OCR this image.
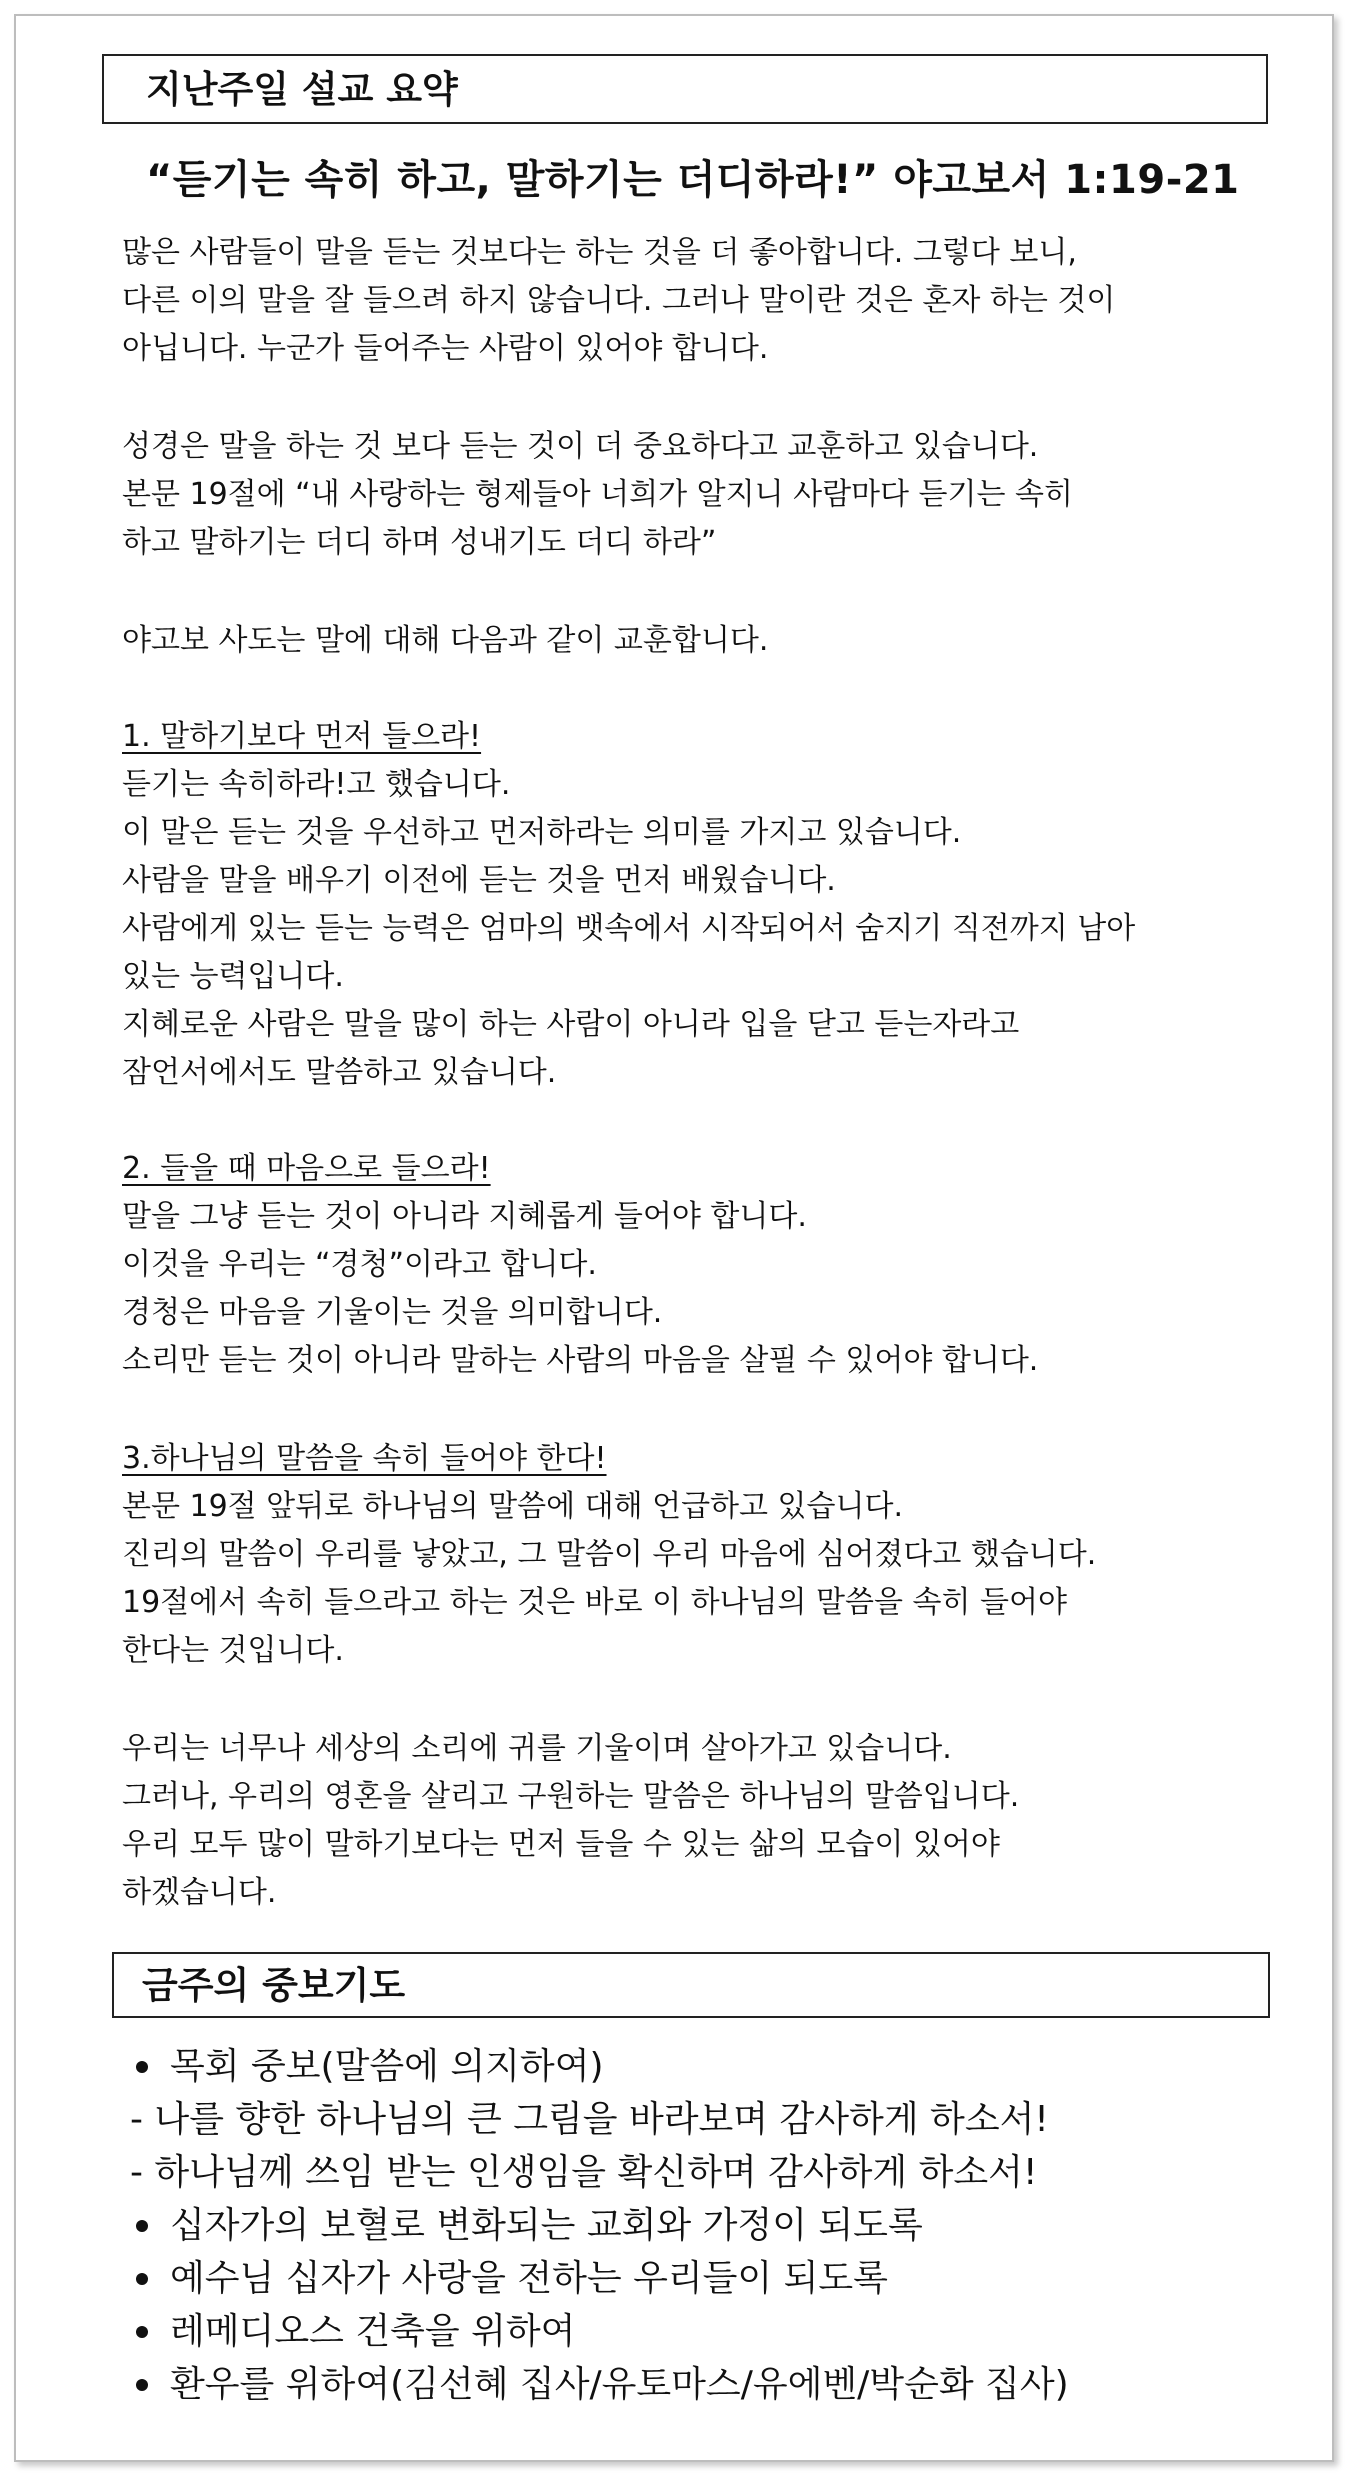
지난주일 설교 요약
“듣기는 속히 하고, 말하기는 더디하라!” 야고보서 1:19-21
많은 사람들이 말을 듣는 것보다는 하는 것을 더 좋아합니다. 그렇다 보니,
다른 이의 말을 잘 들으려 하지 않습니다. 그러나 말이란 것은 혼자 하는 것이
아닙니다. 누군가 들어주는 사람이 있어야 합니다.
성경은 말을 하는 것 보다 듣는 것이 더 중요하다고 교훈하고 있습니다.
본문 19절에 “내 사랑하는 형제들아 너희가 알지니 사람마다 듣기는 속히
하고 말하기는 더디 하며 성내기도 더디 하라”
야고보 사도는 말에 대해 다음과 같이 교훈합니다.
1. 말하기보다 먼저 들으라!
듣기는 속히하라!고 했습니다.
이 말은 듣는 것을 우선하고 먼저하라는 의미를 가지고 있습니다.
사람을 말을 배우기 이전에 듣는 것을 먼저 배웠습니다.
사람에게 있는 듣는 능력은 엄마의 뱃속에서 시작되어서 숨지기 직전까지 남아
있는 능력입니다.
지혜로운 사람은 말을 많이 하는 사람이 아니라 입을 닫고 듣는자라고
잠언서에서도 말씀하고 있습니다.
2. 들을 때 마음으로 들으라!
말을 그냥 듣는 것이 아니라 지혜롭게 들어야 합니다.
이것을 우리는 “경청”이라고 합니다.
경청은 마음을 기울이는 것을 의미합니다.
소리만 듣는 것이 아니라 말하는 사람의 마음을 살필 수 있어야 합니다.
3.하나님의 말씀을 속히 들어야 한다!
본문 19절 앞뒤로 하나님의 말씀에 대해 언급하고 있습니다.
진리의 말씀이 우리를 낳았고, 그 말씀이 우리 마음에 심어졌다고 했습니다.
19절에서 속히 들으라고 하는 것은 바로 이 하나님의 말씀을 속히 들어야
한다는 것입니다.
우리는 너무나 세상의 소리에 귀를 기울이며 살아가고 있습니다.
그러나, 우리의 영혼을 살리고 구원하는 말씀은 하나님의 말씀입니다.
우리 모두 많이 말하기보다는 먼저 들을 수 있는 삶의 모습이 있어야
하겠습니다.
금주의 중보기도
목회 중보(말씀에 의지하여)
- 나를 향한 하나님의 큰 그림을 바라보며 감사하게 하소서!
- 하나님께 쓰임 받는 인생임을 확신하며 감사하게 하소서!
십자가의 보혈로 변화되는 교회와 가정이 되도록
예수님 십자가 사랑을 전하는 우리들이 되도록
레메디오스 건축을 위하여
환우를 위하여(김선혜 집사/유토마스/유에벤/박순화 집사)
